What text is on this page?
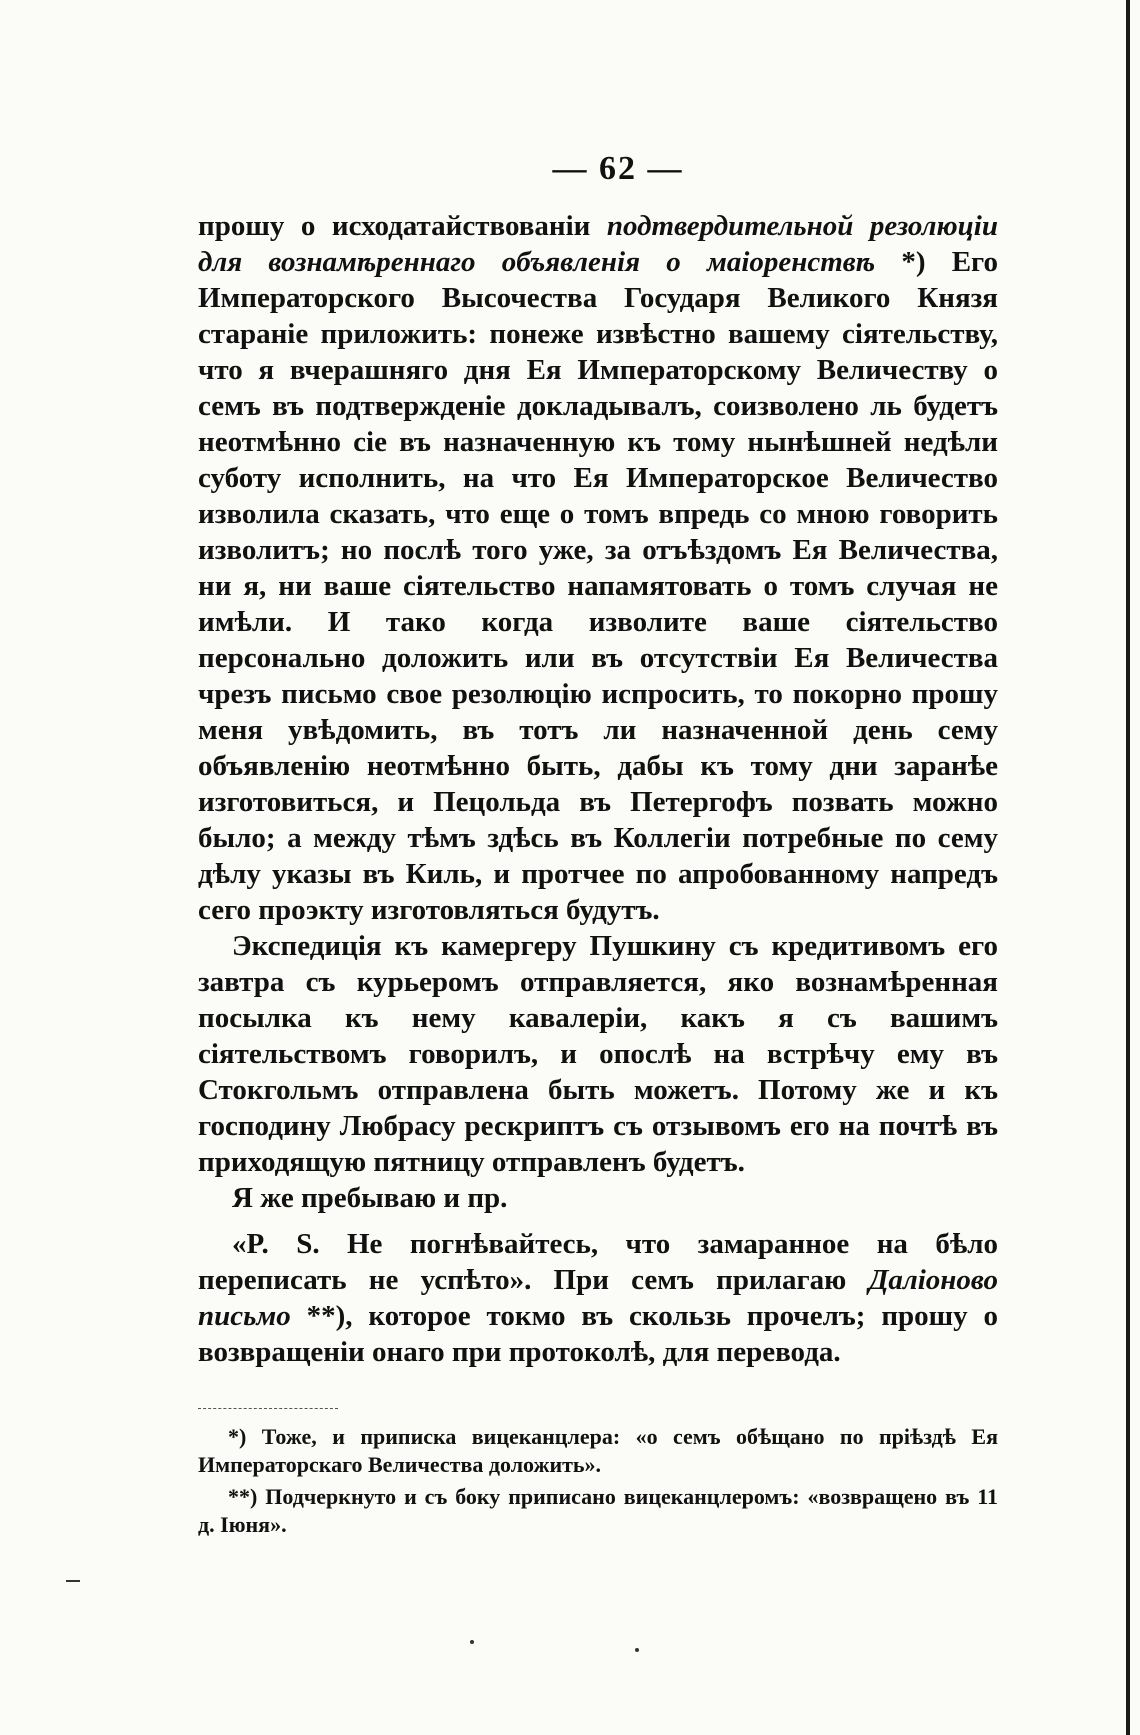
— 62 —

прошу о исходатайствованіи подтвердительной резолюціи для вознамѣреннаго объявленія о маіоренствѣ *) Его Императорского Высочества Государя Великого Князя стараніе приложить: понеже извѣстно вашему сіятельству, что я вчерашняго дня Ея Императорскому Величеству о семъ въ подтвержденіе докладывалъ, соизволено ль будетъ неотмѣнно сіе въ назначенную къ тому нынѣшней недѣли суботу исполнить, на что Ея Императорское Величество изволила сказать, что еще о томъ впредь со мною говорить изволитъ; но послѣ того уже, за отъѣздомъ Ея Величества, ни я, ни ваше сіятельство напамятовать о томъ случая не имѣли. И тако когда изволите ваше сіятельство персонально доложить или въ отсутствіи Ея Величества чрезъ письмо свое резолюцію испросить, то покорно прошу меня увѣдомить, въ тотъ ли назначенной день сему объявленію неотмѣнно быть, дабы къ тому дни заранѣе изготовиться, и Пецольда въ Петергофъ позвать можно было; а между тѣмъ здѣсь въ Коллегіи потребные по сему дѣлу указы въ Киль, и протчее по апробованному напредъ сего проэкту изготовляться будутъ.

Экспедиція къ камергеру Пушкину съ кредитивомъ его завтра съ курьеромъ отправляется, яко вознамѣренная посылка къ нему кавалеріи, какъ я съ вашимъ сіятельствомъ говорилъ, и опослѣ на встрѣчу ему въ Стокгольмъ отправлена быть можетъ. Потому же и къ господину Любрасу рескриптъ съ отзывомъ его на почтѣ въ приходящую пятницу отправленъ будетъ.

Я же пребываю и пр.

«P. S. Не погнѣвайтесь, что замаранное на бѣло переписать не успѣто». При семъ прилагаю Даліоново письмо **), которое токмо въ скользь прочелъ; прошу о возвращеніи онаго при протоколѣ, для перевода.

*) Тоже, и приписка вицеканцлера: «о семъ обѣщано по пріѣздѣ Ея Императорскаго Величества доложить».

**) Подчеркнуто и съ боку приписано вицеканцлеромъ: «возвращено въ 11 д. Іюня».
